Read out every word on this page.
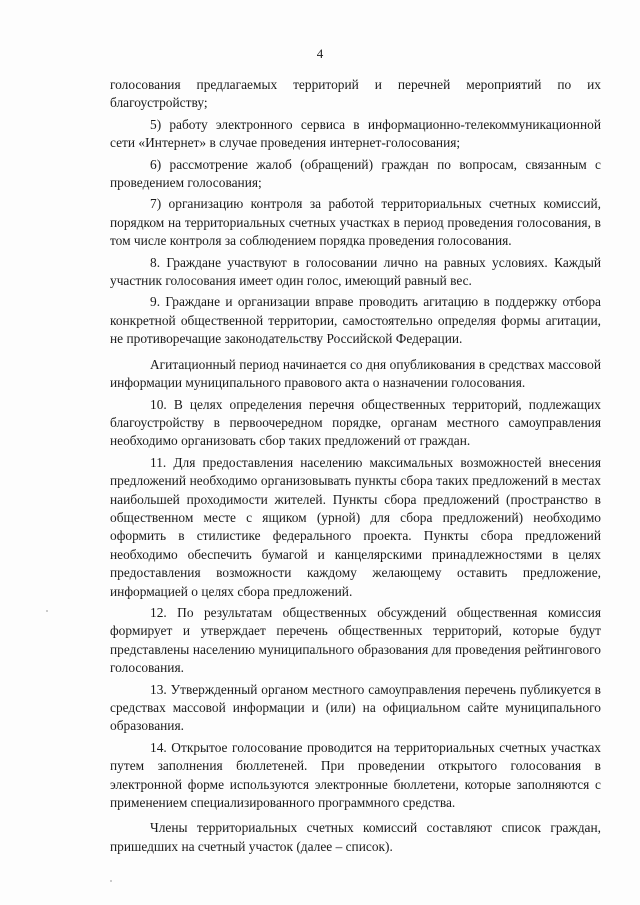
4

голосования предлагаемых территорий и перечней мероприятий по их благоустройству;

5) работу электронного сервиса в информационно-телекоммуникационной сети «Интернет» в случае проведения интернет-голосования;

6) рассмотрение жалоб (обращений) граждан по вопросам, связанным с проведением голосования;

7) организацию контроля за работой территориальных счетных комиссий, порядком на территориальных счетных участках в период проведения голосования, в том числе контроля за соблюдением порядка проведения голосования.

8. Граждане участвуют в голосовании лично на равных условиях. Каждый участник голосования имеет один голос, имеющий равный вес.

9. Граждане и организации вправе проводить агитацию в поддержку отбора конкретной общественной территории, самостоятельно определяя формы агитации, не противоречащие законодательству Российской Федерации.

Агитационный период начинается со дня опубликования в средствах массовой информации муниципального правового акта о назначении голосования.

10. В целях определения перечня общественных территорий, подлежащих благоустройству в первоочередном порядке, органам местного самоуправления необходимо организовать сбор таких предложений от граждан.

11. Для предоставления населению максимальных возможностей внесения предложений необходимо организовывать пункты сбора таких предложений в местах наибольшей проходимости жителей. Пункты сбора предложений (пространство в общественном месте с ящиком (урной) для сбора предложений) необходимо оформить в стилистике федерального проекта. Пункты сбора предложений необходимо обеспечить бумагой и канцелярскими принадлежностями в целях предоставления возможности каждому желающему оставить предложение, информацией о целях сбора предложений.

12. По результатам общественных обсуждений общественная комиссия формирует и утверждает перечень общественных территорий, которые будут представлены населению муниципального образования для проведения рейтингового голосования.

13. Утвержденный органом местного самоуправления перечень публикуется в средствах массовой информации и (или) на официальном сайте муниципального образования.

14. Открытое голосование проводится на территориальных счетных участках путем заполнения бюллетеней. При проведении открытого голосования в электронной форме используются электронные бюллетени, которые заполняются с применением специализированного программного средства.

Члены территориальных счетных комиссий составляют список граждан, пришедших на счетный участок (далее – список).
